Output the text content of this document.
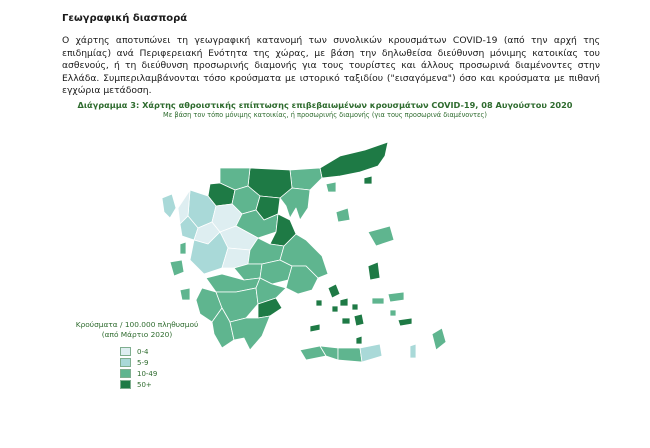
Γεωγραφική διασπορά

Ο χάρτης αποτυπώνει τη γεωγραφική κατανομή των συνολικών κρουσμάτων COVID-19 (από την αρχή της επιδημίας) ανά Περιφερειακή Ενότητα της χώρας, με βάση την δηλωθείσα διεύθυνση μόνιμης κατοικίας του ασθενούς, ή τη διεύθυνση προσωρινής διαμονής για τους τουρίστες και άλλους προσωρινά διαμένοντες στην Ελλάδα. Συμπεριλαμβάνονται τόσο κρούσματα με ιστορικό ταξιδίου ("εισαγόμενα") όσο και κρούσματα με πιθανή εγχώρια μετάδοση.

Διάγραμμα 3: Χάρτης αθροιστικής επίπτωσης επιβεβαιωμένων κρουσμάτων COVID-19, 08 Αυγούστου 2020
Με βάση τον τόπο μόνιμης κατοικίας, ή προσωρινής διαμονής (για τους προσωρινά διαμένοντες)
Κρούσματα / 100.000 πληθυσμού
(από Μάρτιο 2020)
0-4
5-9
10-49
50+
